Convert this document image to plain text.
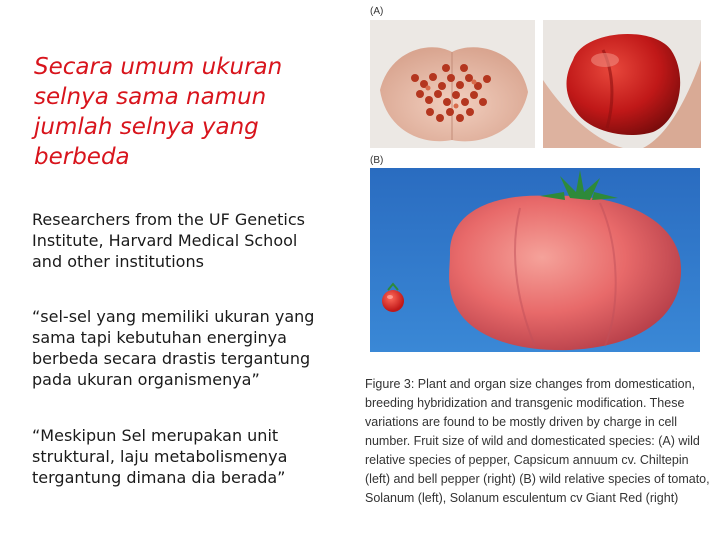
Secara umum ukuran selnya sama namun jumlah selnya yang berbeda
Researchers from the UF Genetics Institute, Harvard Medical School and other institutions
“sel-sel yang memiliki ukuran yang sama tapi kebutuhan energinya berbeda secara drastis tergantung pada ukuran organismenya”
“Meskipun Sel merupakan unit struktural, laju metabolismenya tergantung dimana dia berada”
(A)
(B)
Figure 3: Plant and organ size changes from domestication, breeding hybridization and transgenic modification. These variations are found to be mostly driven by charge in cell number. Fruit size of wild and domesticated species: (A) wild relative species of pepper, Capsicum annuum cv. Chiltepin (left) and bell pepper (right) (B) wild relative species of tomato, Solanum (left), Solanum esculentum cv Giant Red (right)
